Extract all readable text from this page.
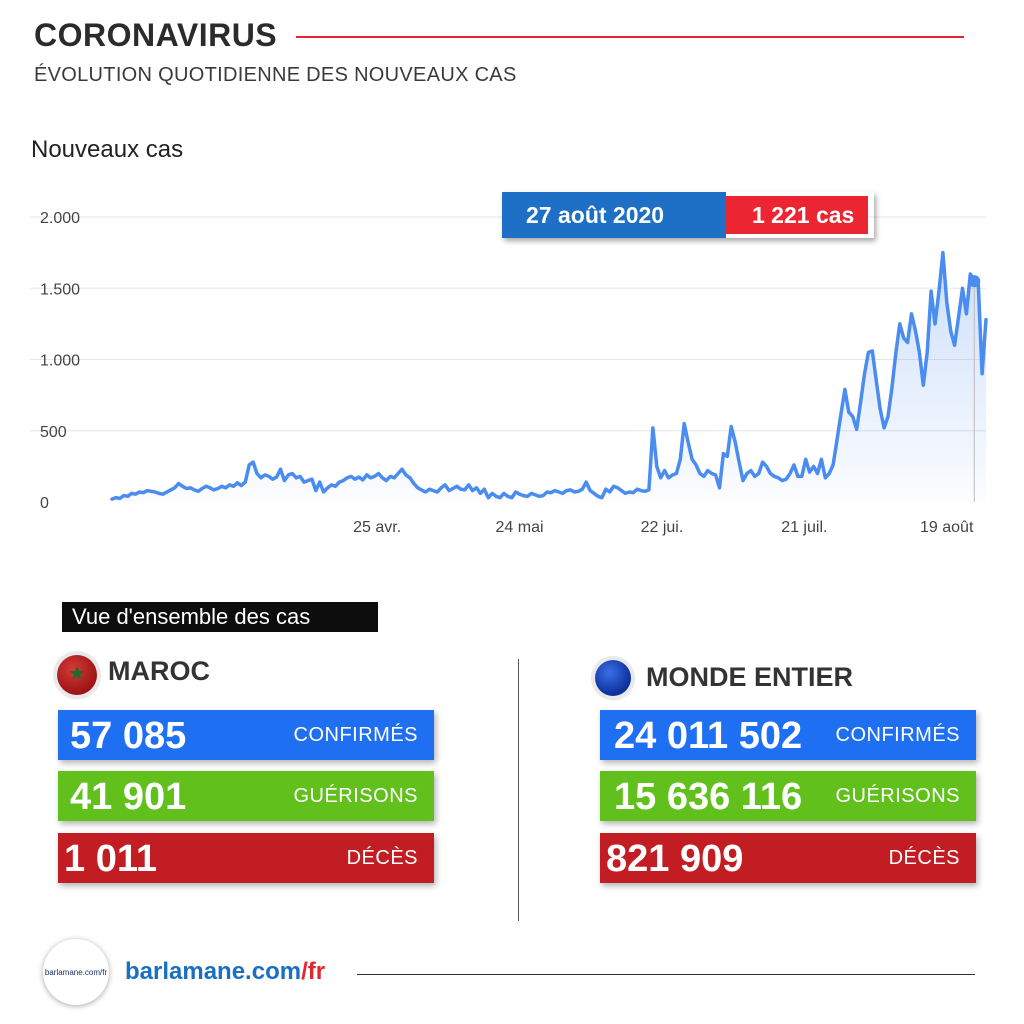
CORONAVIRUS
ÉVOLUTION QUOTIDIENNE DES NOUVEAUX CAS
Nouveaux cas
0
500
1.000
1.500
2.000
25 avr.	24 mai	22 jui.	21 juil.	19 août
27 août 2020	1 221 cas
Vue d'ensemble des cas
★ MAROC
57 085	CONFIRMÉS
41 901	GUÉRISONS
1 011	DÉCÈS
MONDE ENTIER
24 011 502 CONFIRMÉS
15 636 116 GUÉRISONS
821 909	DÉCÈS
barlamane.com/fr barlamane.com/fr
